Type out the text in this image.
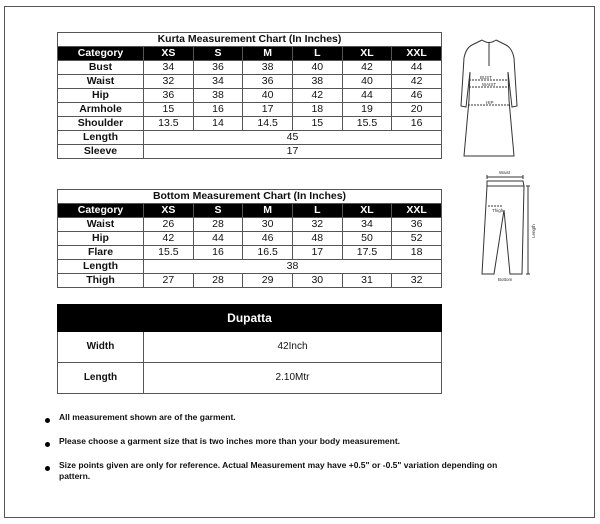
Kurta Measurement Chart (In Inches)						
Category	XS	S	M	L	XL	XXL
Bust	34	36	38	40	42	44
Waist	32	34	36	38	40	42
Hip	36	38	40	42	44	46
Armhole	15	16	17	18	19	20
Shoulder	13.5	14	14.5	15	15.5	16
Length	45					
Sleeve	17					
Bottom Measurement Chart (In Inches)						
Category	XS	S	M	L	XL	XXL
Waist	26	28	30	32	34	36
Hip	42	44	46	48	50	52
Flare	15.5	16	16.5	17	17.5	18
Length	38					
Thigh	27	28	29	30	31	32
Dupatta	
Width	42Inch
Length	2.10Mtr
BUST
WAIST
HIP
Waist
Thigh
Length
Bottom
All measurement shown are of the garment.
Please choose a garment size that is two inches more than your body measurement.
Size points given are only for reference. Actual Measurement may have +0.5" or -0.5" variation depending on pattern.
